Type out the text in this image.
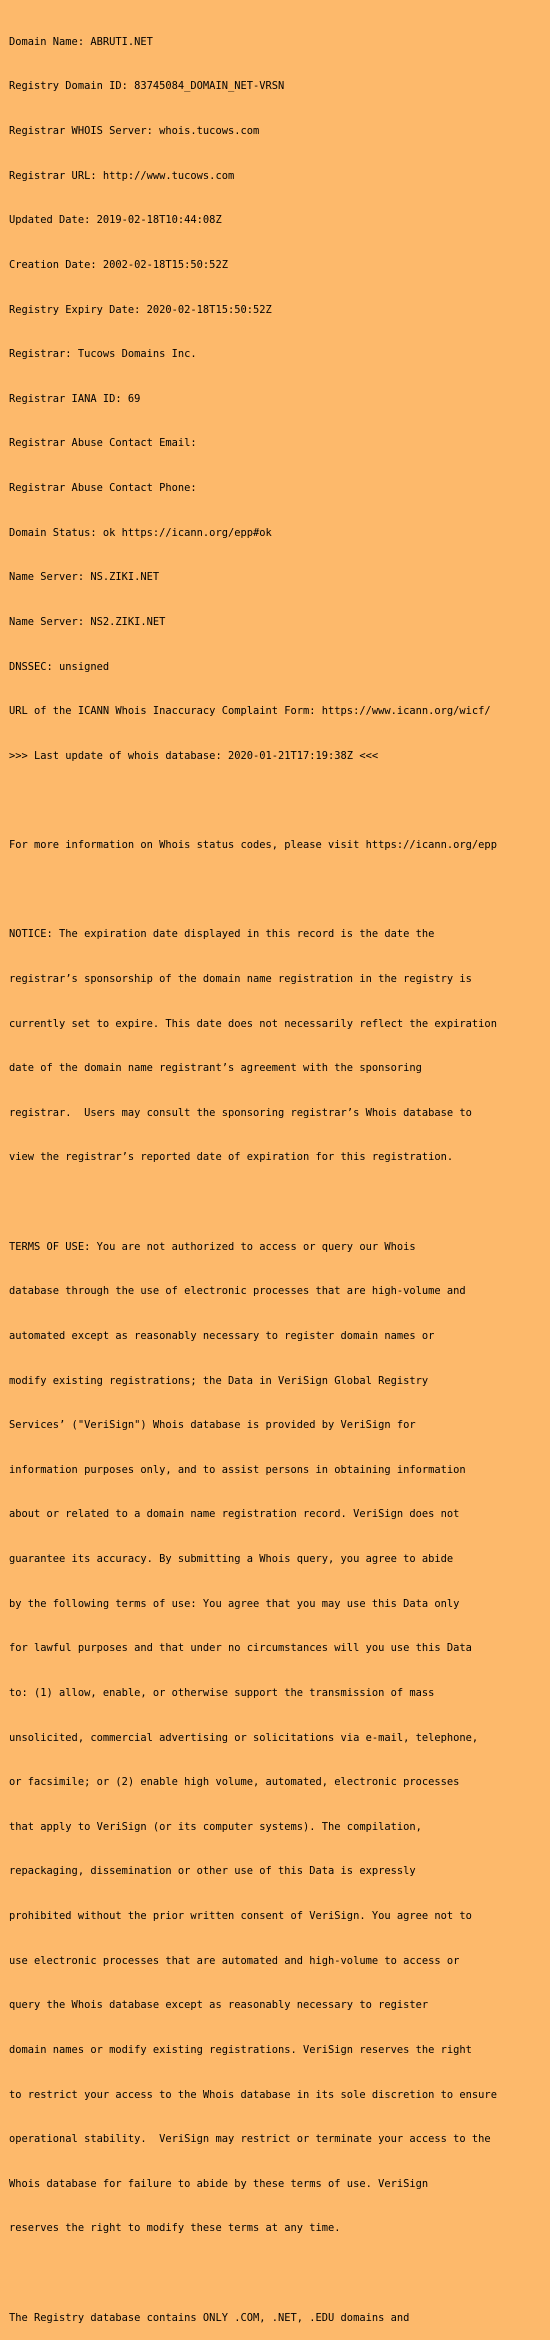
Domain Name: ABRUTI.NET

Registry Domain ID: 83745084_DOMAIN_NET-VRSN

Registrar WHOIS Server: whois.tucows.com

Registrar URL: http://www.tucows.com

Updated Date: 2019-02-18T10:44:08Z

Creation Date: 2002-02-18T15:50:52Z

Registry Expiry Date: 2020-02-18T15:50:52Z

Registrar: Tucows Domains Inc.

Registrar IANA ID: 69

Registrar Abuse Contact Email:

Registrar Abuse Contact Phone:

Domain Status: ok https://icann.org/epp#ok

Name Server: NS.ZIKI.NET

Name Server: NS2.ZIKI.NET

DNSSEC: unsigned

URL of the ICANN Whois Inaccuracy Complaint Form: https://www.icann.org/wicf/

>>> Last update of whois database: 2020-01-21T17:19:38Z <<<

For more information on Whois status codes, please visit https://icann.org/epp

NOTICE: The expiration date displayed in this record is the date the

registrar’s sponsorship of the domain name registration in the registry is

currently set to expire. This date does not necessarily reflect the expiration

date of the domain name registrant’s agreement with the sponsoring

registrar.  Users may consult the sponsoring registrar’s Whois database to

view the registrar’s reported date of expiration for this registration.

TERMS OF USE: You are not authorized to access or query our Whois

database through the use of electronic processes that are high-volume and

automated except as reasonably necessary to register domain names or

modify existing registrations; the Data in VeriSign Global Registry

Services’ ("VeriSign") Whois database is provided by VeriSign for

information purposes only, and to assist persons in obtaining information

about or related to a domain name registration record. VeriSign does not

guarantee its accuracy. By submitting a Whois query, you agree to abide

by the following terms of use: You agree that you may use this Data only

for lawful purposes and that under no circumstances will you use this Data

to: (1) allow, enable, or otherwise support the transmission of mass

unsolicited, commercial advertising or solicitations via e-mail, telephone,

or facsimile; or (2) enable high volume, automated, electronic processes

that apply to VeriSign (or its computer systems). The compilation,

repackaging, dissemination or other use of this Data is expressly

prohibited without the prior written consent of VeriSign. You agree not to

use electronic processes that are automated and high-volume to access or

query the Whois database except as reasonably necessary to register

domain names or modify existing registrations. VeriSign reserves the right

to restrict your access to the Whois database in its sole discretion to ensure

operational stability.  VeriSign may restrict or terminate your access to the

Whois database for failure to abide by these terms of use. VeriSign

reserves the right to modify these terms at any time.

The Registry database contains ONLY .COM, .NET, .EDU domains and
